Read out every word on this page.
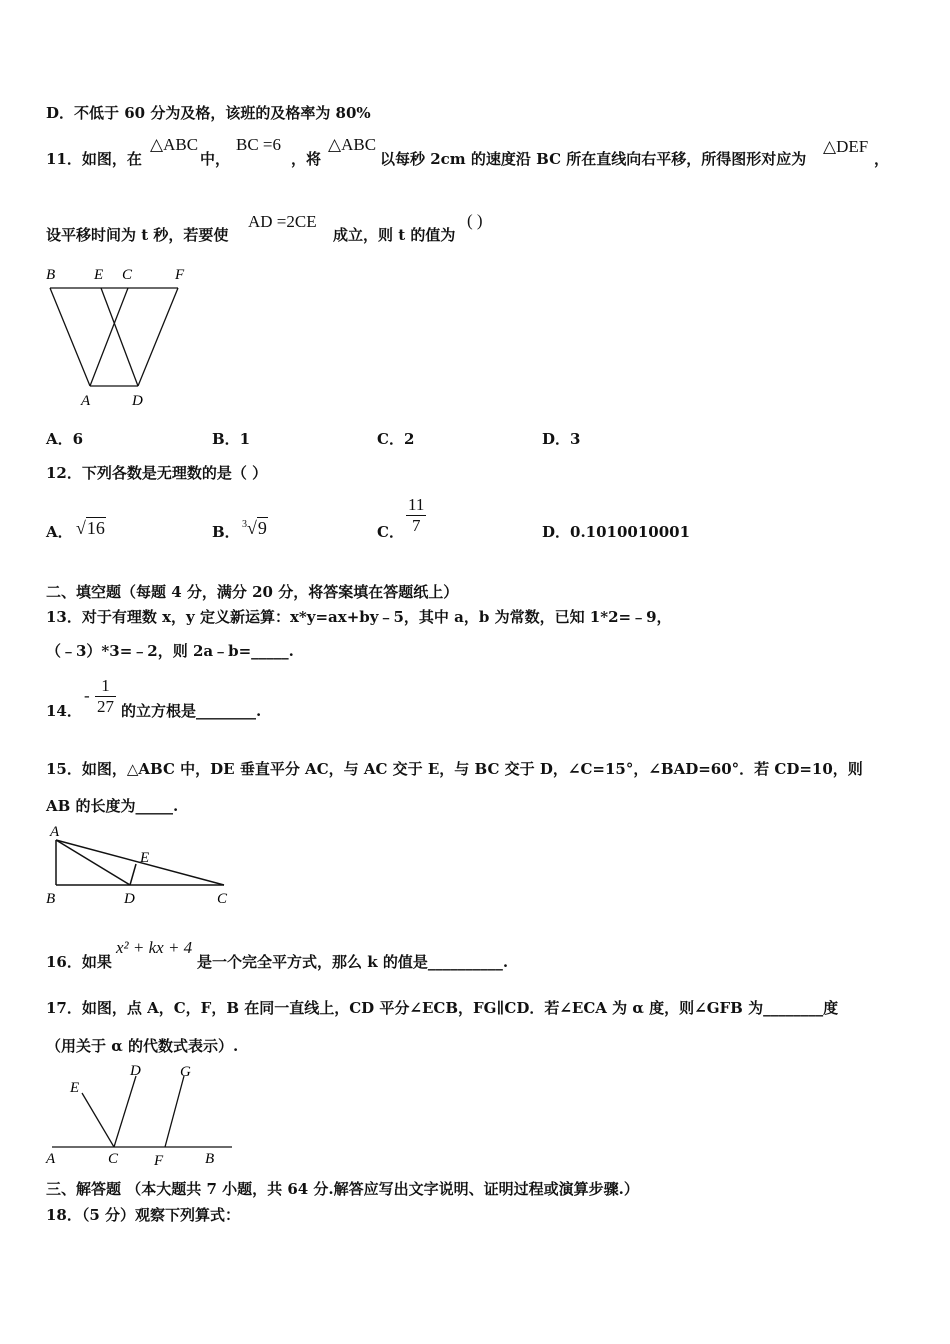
D．不低于 60 分为及格，该班的及格率为 80%
11．如图，在
△ABC
中，
BC =6
，将
△ABC
以每秒 2cm 的速度沿 BC 所在直线向右平移，所得图形对应为
△DEF
，
设平移时间为 t 秒，若要使
AD =2CE
成立，则 t 的值为
( )
B	E C	F
A	D
A．6	B．1	C．2	D．3
12．下列各数是无理数的是（ ）
A． √16	B． $^3$√9	C． $\frac{11}{7}$	D．0.1010010001
二、填空题（每题 4 分，满分 20 分，将答案填在答题纸上）
13．对于有理数 x，y 定义新运算：x*y=ax+by﹣5，其中 a，b 为常数，已知 1*2=﹣9，
（﹣3）*3=﹣2，则 2a﹣b=_____.
14．
- $\frac{1}{27}$ 的立方根是________.
15．如图，△ABC 中，DE 垂直平分 AC，与 AC 交于 E，与 BC 交于 D，∠C=15°，∠BAD=60°．若 CD=10，则
AB 的长度为_____.
A
E
B	D	C
16．如果
x² + kx + 4
是一个完全平方式，那么 k 的值是__________.
17．如图，点 A，C，F，B 在同一直线上，CD 平分∠ECB，FG∥CD．若∠ECA 为 α 度，则∠GFB 为________度
（用关于 α 的代数式表示）.
E
D	G
A	C F	B
三、解答题 （本大题共 7 小题，共 64 分.解答应写出文字说明、证明过程或演算步骤.）
18．（5 分）观察下列算式：
